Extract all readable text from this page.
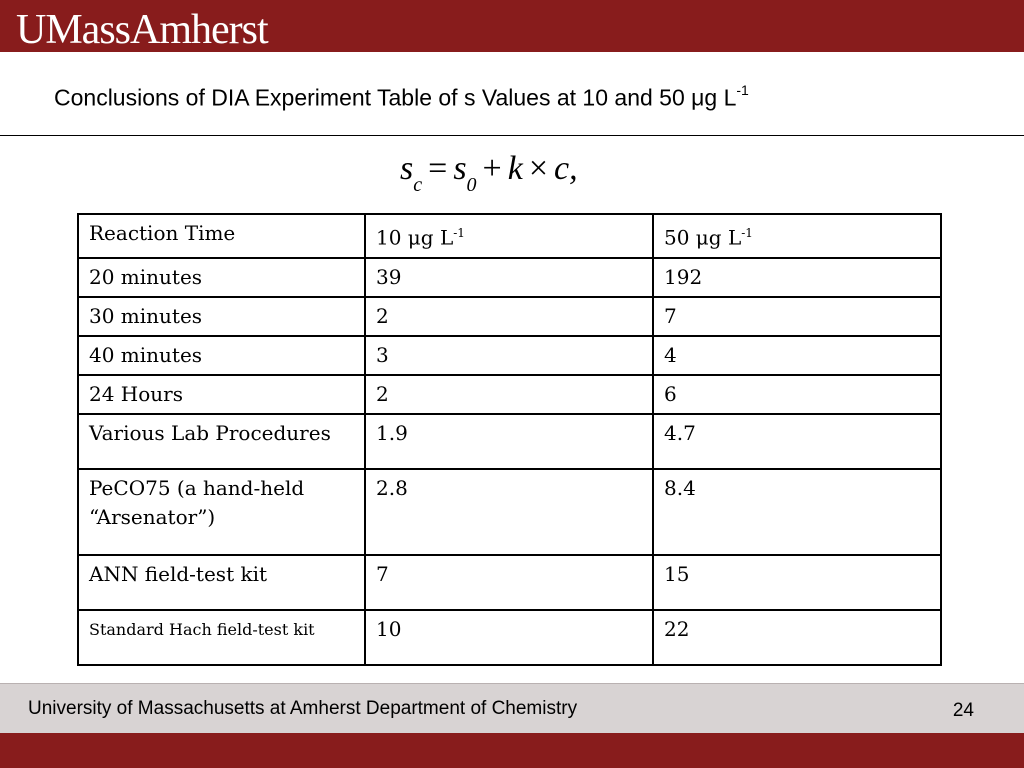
UMassAmherst
Conclusions of DIA Experiment Table of s Values at 10 and 50 μg $L^{-1}$
$s_c = s_0 + k \times c$,
Reaction Time	10 μg $L^{-1}$	50 μg $L^{-1}$
20 minutes	39	192
30 minutes	2	7
40 minutes	3	4
24 Hours	2	6
Various Lab Procedures	1.9	4.7
PeCO75 (a hand-held
“Arsenator”)	2.8	8.4
ANN field-test kit	7	15
Standard Hach field-test kit	10	22
University of Massachusetts at Amherst Department of Chemistry	24
